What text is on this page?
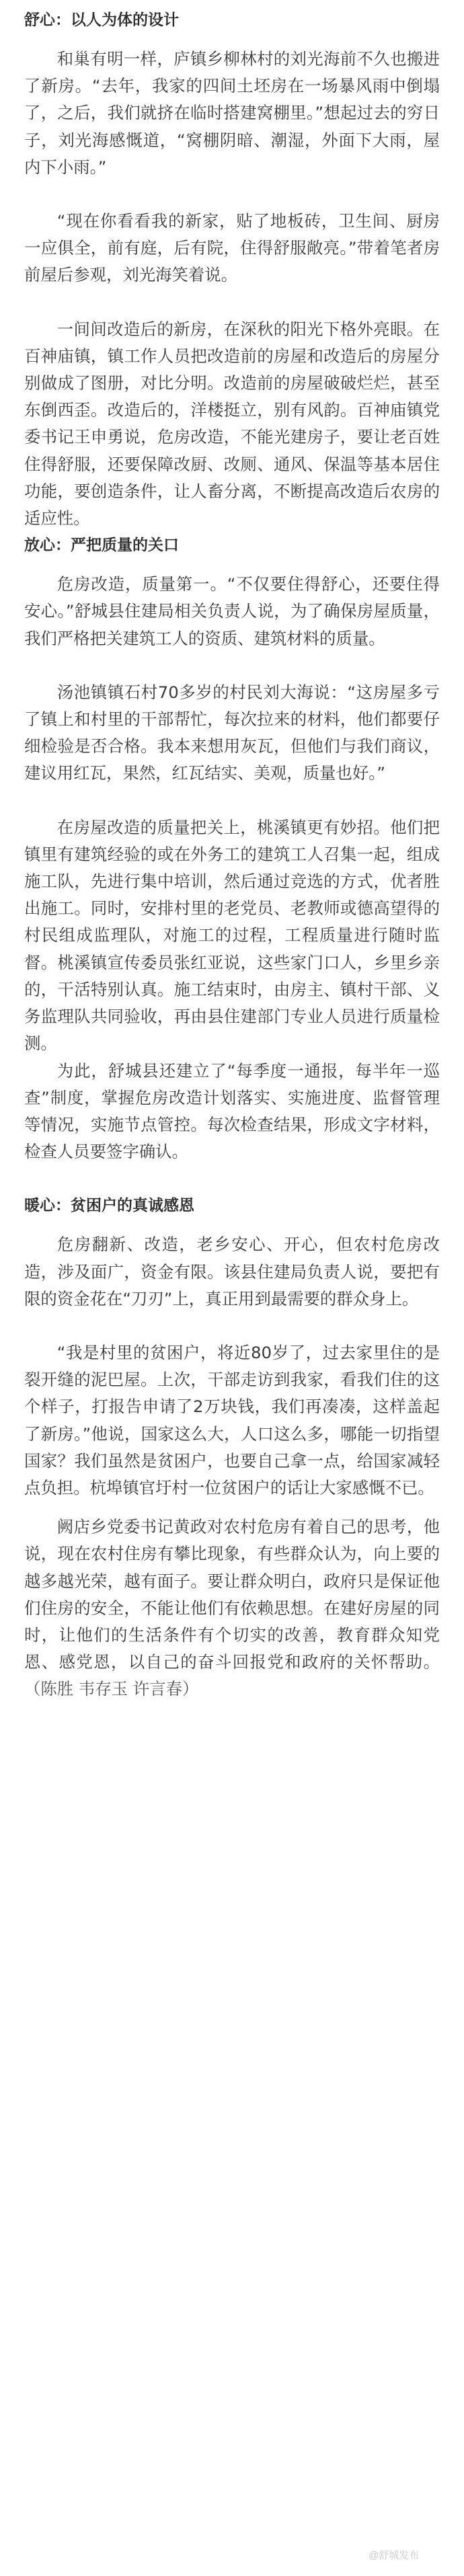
舒心：以人为体的设计

和巢有明一样，庐镇乡柳林村的刘光海前不久也搬进了新房。“去年，我家的四间土坯房在一场暴风雨中倒塌了，之后，我们就挤在临时搭建窝棚里。”想起过去的穷日子，刘光海感慨道，“窝棚阴暗、潮湿，外面下大雨，屋内下小雨。”

“现在你看看我的新家，贴了地板砖，卫生间、厨房一应俱全，前有庭，后有院，住得舒服敞亮。”带着笔者房前屋后参观，刘光海笑着说。

一间间改造后的新房，在深秋的阳光下格外亮眼。在百神庙镇，镇工作人员把改造前的房屋和改造后的房屋分别做成了图册，对比分明。改造前的房屋破破烂烂，甚至东倒西歪。改造后的，洋楼挺立，别有风韵。百神庙镇党委书记王申勇说，危房改造，不能光建房子，要让老百姓住得舒服，还要保障改厨、改厕、通风、保温等基本居住功能，要创造条件，让人畜分离，不断提高改造后农房的适应性。

放心：严把质量的关口

危房改造，质量第一。“不仅要住得舒心，还要住得安心。”舒城县住建局相关负责人说，为了确保房屋质量，我们严格把关建筑工人的资质、建筑材料的质量。

汤池镇镇石村70多岁的村民刘大海说：“这房屋多亏了镇上和村里的干部帮忙，每次拉来的材料，他们都要仔细检验是否合格。我本来想用灰瓦，但他们与我们商议，建议用红瓦，果然，红瓦结实、美观，质量也好。”

在房屋改造的质量把关上，桃溪镇更有妙招。他们把镇里有建筑经验的或在外务工的建筑工人召集一起，组成施工队，先进行集中培训，然后通过竞选的方式，优者胜出施工。同时，安排村里的老党员、老教师或德高望得的村民组成监理队，对施工的过程，工程质量进行随时监督。桃溪镇宣传委员张红亚说，这些家门口人，乡里乡亲的，干活特别认真。施工结束时，由房主、镇村干部、义务监理队共同验收，再由县住建部门专业人员进行质量检测。

为此，舒城县还建立了“每季度一通报，每半年一巡查”制度，掌握危房改造计划落实、实施进度、监督管理等情况，实施节点管控。每次检查结果，形成文字材料，检查人员要签字确认。

暖心：贫困户的真诚感恩

危房翻新、改造，老乡安心、开心，但农村危房改造，涉及面广，资金有限。该县住建局负责人说，要把有限的资金花在“刀刃”上，真正用到最需要的群众身上。

“我是村里的贫困户，将近80岁了，过去家里住的是裂开缝的泥巴屋。上次，干部走访到我家，看我们住的这个样子，打报告申请了2万块钱，我们再凑凑，这样盖起了新房。”他说，国家这么大，人口这么多，哪能一切指望国家？我们虽然是贫困户，也要自己拿一点，给国家减轻点负担。杭埠镇官圩村一位贫困户的话让大家感慨不已。

阙店乡党委书记黄政对农村危房有着自己的思考，他说，现在农村住房有攀比现象，有些群众认为，向上要的越多越光荣，越有面子。要让群众明白，政府只是保证他们住房的安全，不能让他们有依赖思想。在建好房屋的同时，让他们的生活条件有个切实的改善，教育群众知党恩、感党恩，以自己的奋斗回报党和政府的关怀帮助。（陈胜 韦存玉 许言春）

@舒城发布
